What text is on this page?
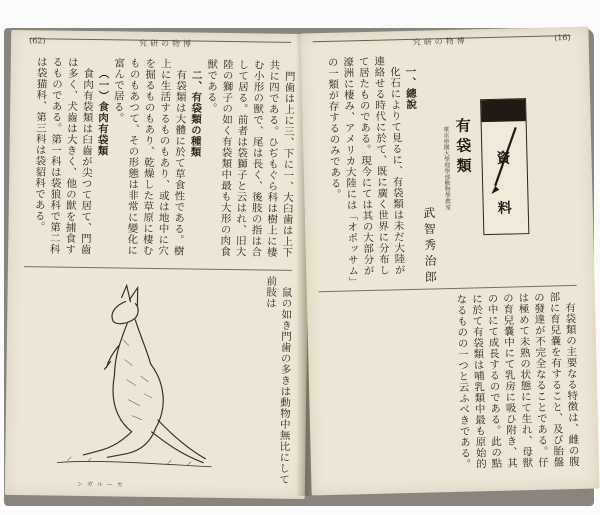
(62)	究研の物博

門歯は上に三、下に一、大臼歯は上下共に四である。ひぢもぐら科は樹上に棲む小形の獣で、尾は長く、後肢の指は合して居る。前者は袋獅子と云はれ、旧大陸の獅子の如く有袋類中最も大形の肉食獣である。

二、有袋類の種類

有袋類は大體に於て草食性である。樹上に生活するものもあり、或は地中に穴を掘るものもあり、乾燥した草原に棲むものもあつて、その形態は非常に變化に富んで居る。

（一）食肉有袋類

食肉有袋類は臼齒が尖つて居て、門齒は多く、犬齒は大きく、他の獣を捕食するものである。第一科は袋狼科で第二科は袋猫科、第三科は袋貂科である。

鼠の如き門歯の多きは動物中無比にして前肢は

ンガルーカ
究研の物博	(16)
資
料
有袋類
東京帝國大學理學部動物學教室
武智秀治郎

一、總說

化石によりて見るに、有袋類は未だ大陸が連絡せる時代に於て、既に廣く世界に分布して居たものである。現今にては其の大部分が濠洲に棲み、アメリカ大陸には「オポッサム」の一類が存するのみである。

有袋類の主要なる特徴は、雌の腹部に育兒嚢を有すること、及び胎盤の發達が不完全なることである。仔は極めて未熟の状態にて生れ、母獣の育兒嚢中にて乳房に吸ひ附き、其の中にて成長するのである。此の點に於て有袋類は哺乳類中最も原始的なるものの一つと云ふべきである。
